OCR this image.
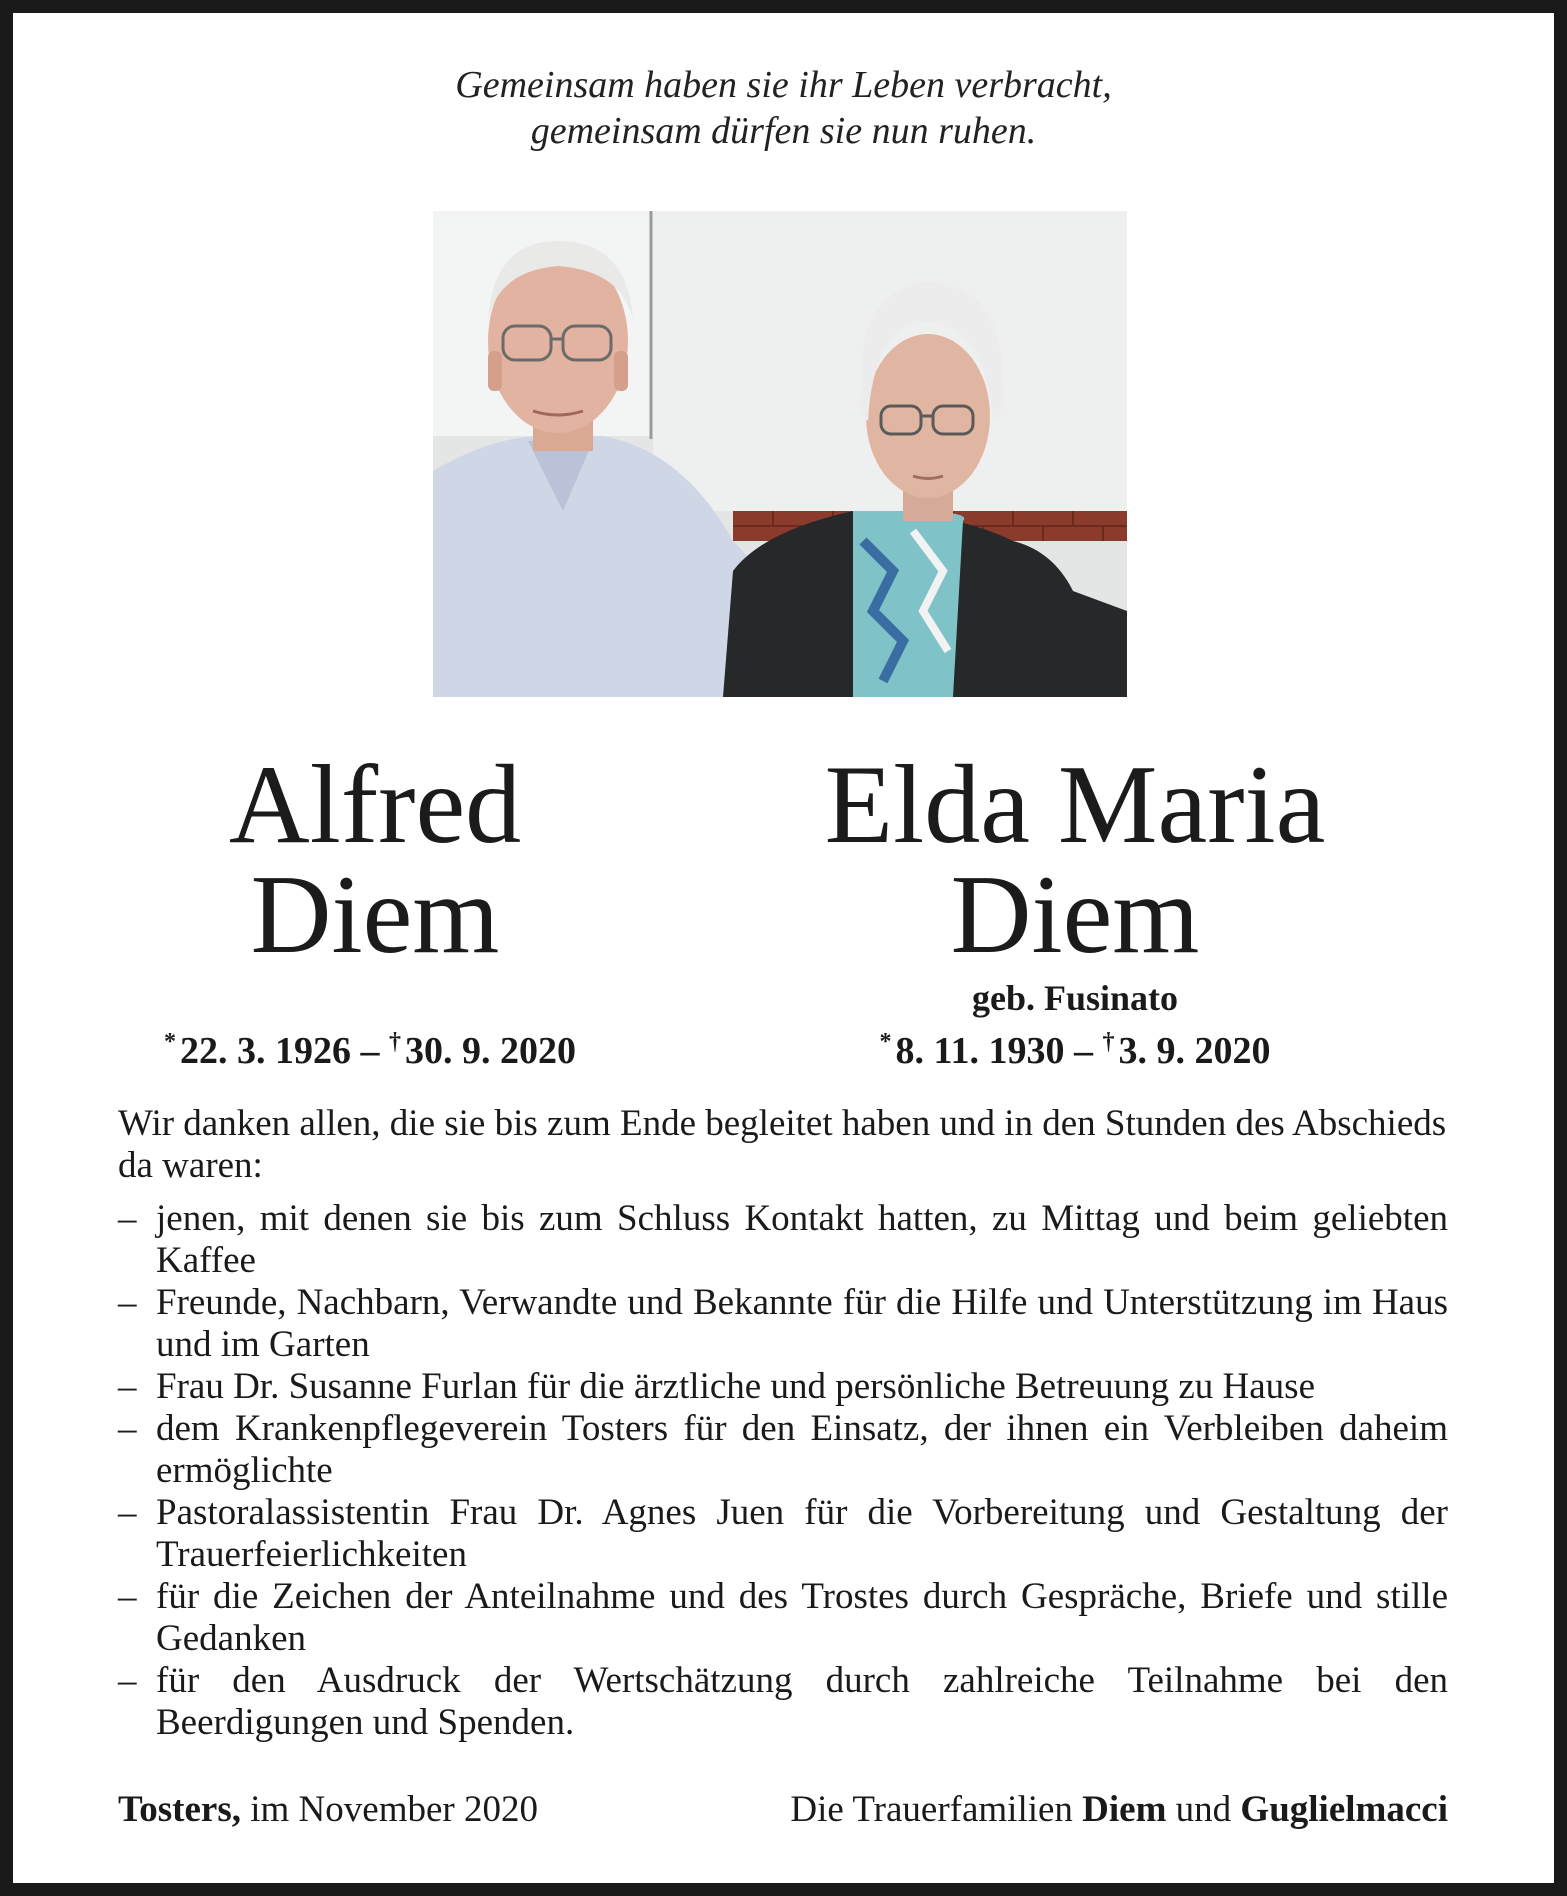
Gemeinsam haben sie ihr Leben verbracht,
gemeinsam dürfen sie nun ruhen.
Alfred
Diem
Elda Maria
Diem
geb. Fusinato
* 22. 3. 1926 – † 30. 9. 2020	* 8. 11. 1930 – † 3. 9. 2020
Wir danken allen, die sie bis zum Ende begleitet haben und in den Stunden des Abschieds da waren:
– jenen, mit denen sie bis zum Schluss Kontakt hatten, zu Mittag und beim geliebten Kaffee
– Freunde, Nachbarn, Verwandte und Bekannte für die Hilfe und Unterstützung im Haus und im Garten
– Frau Dr. Susanne Furlan für die ärztliche und persönliche Betreuung zu Hause
– dem Krankenpflegeverein Tosters für den Einsatz, der ihnen ein Verbleiben daheim ermöglichte
– Pastoralassistentin Frau Dr. Agnes Juen für die Vorbereitung und Gestaltung der Trauerfeierlichkeiten
– für die Zeichen der Anteilnahme und des Trostes durch Gespräche, Briefe und stille Gedanken
– für den Ausdruck der Wertschätzung durch zahlreiche Teilnahme bei den Beerdigungen und Spenden.
Tosters, im November 2020	Die Trauerfamilien Diem und Guglielmacci
